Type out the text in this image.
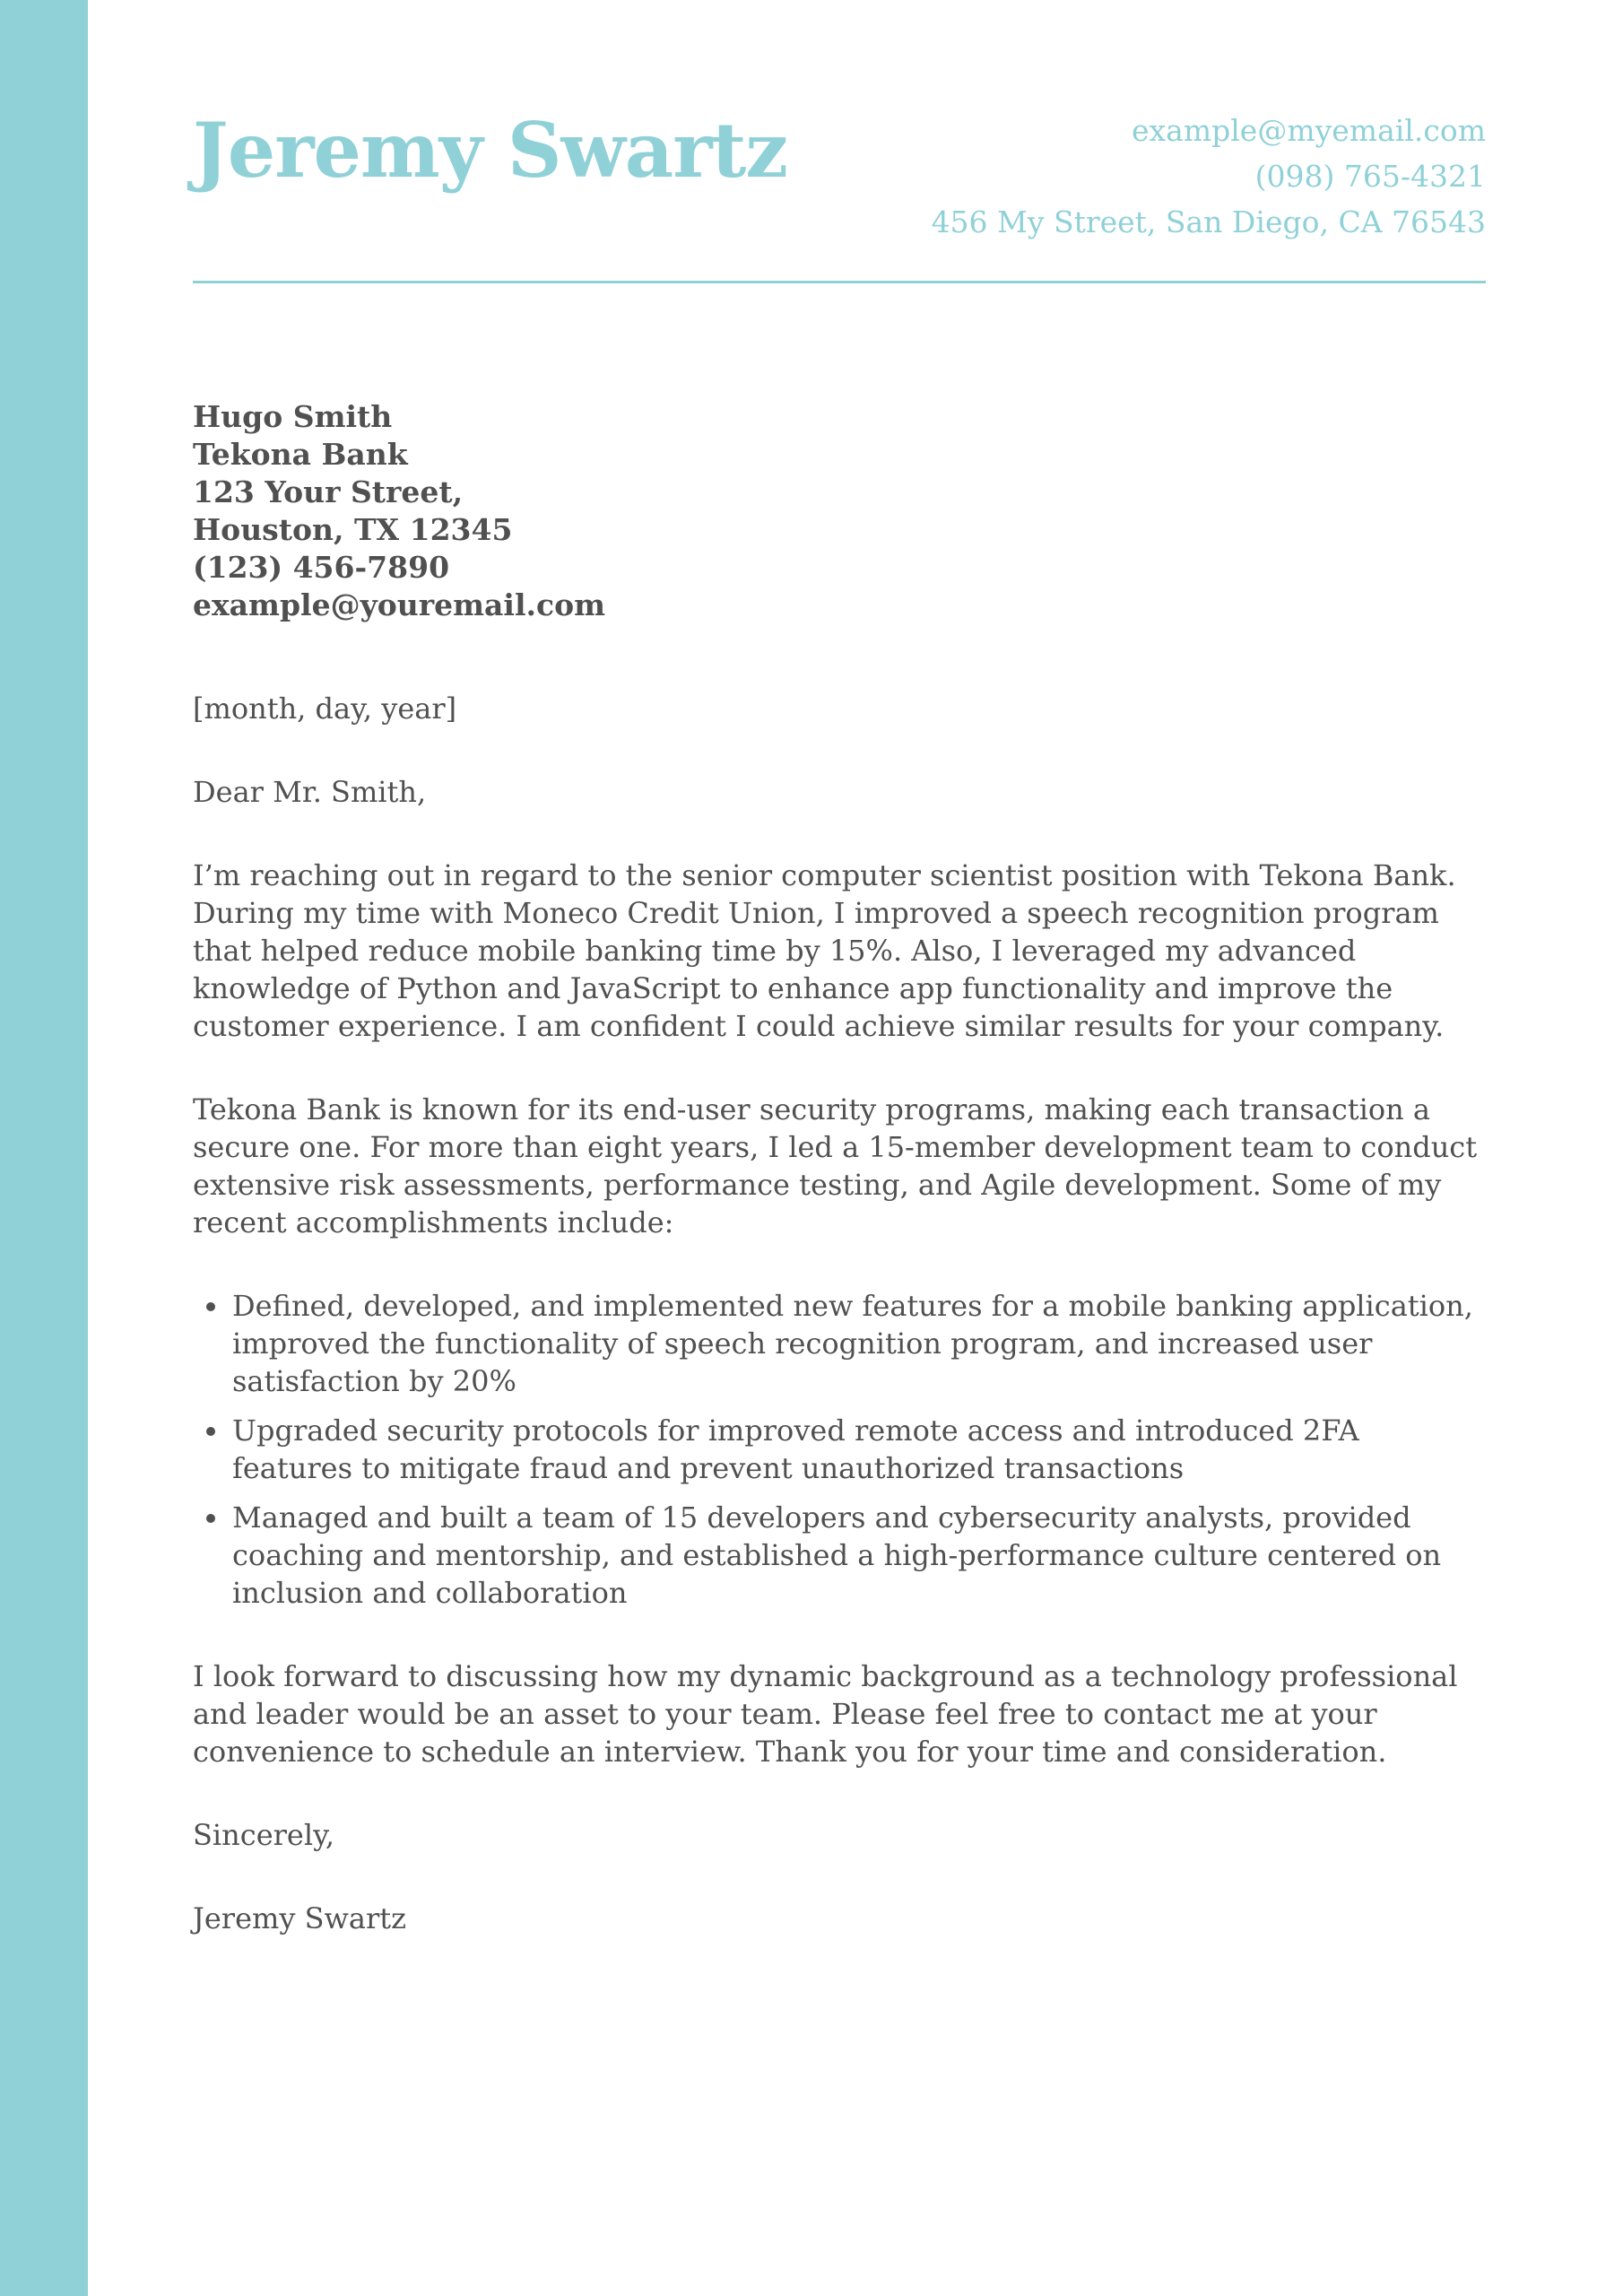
Jeremy Swartz	example@myemail.com
(098) 765-4321
456 My Street, San Diego, CA 76543
Hugo Smith
Tekona Bank
123 Your Street,
Houston, TX 12345
(123) 456-7890
example@youremail.com

[month, day, year]

Dear Mr. Smith,

I’m reaching out in regard to the senior computer scientist position with Tekona Bank. During my time with Moneco Credit Union, I improved a speech recognition program that helped reduce mobile banking time by 15%. Also, I leveraged my advanced knowledge of Python and JavaScript to enhance app functionality and improve the customer experience. I am confident I could achieve similar results for your company.

Tekona Bank is known for its end-user security programs, making each transaction a secure one. For more than eight years, I led a 15-member development team to conduct extensive risk assessments, performance testing, and Agile development. Some of my recent accomplishments include:

• Defined, developed, and implemented new features for a mobile banking application, improved the functionality of speech recognition program, and increased user satisfaction by 20%
• Upgraded security protocols for improved remote access and introduced 2FA features to mitigate fraud and prevent unauthorized transactions
• Managed and built a team of 15 developers and cybersecurity analysts, provided coaching and mentorship, and established a high-performance culture centered on inclusion and collaboration

I look forward to discussing how my dynamic background as a technology professional and leader would be an asset to your team. Please feel free to contact me at your convenience to schedule an interview. Thank you for your time and consideration.

Sincerely,

Jeremy Swartz
